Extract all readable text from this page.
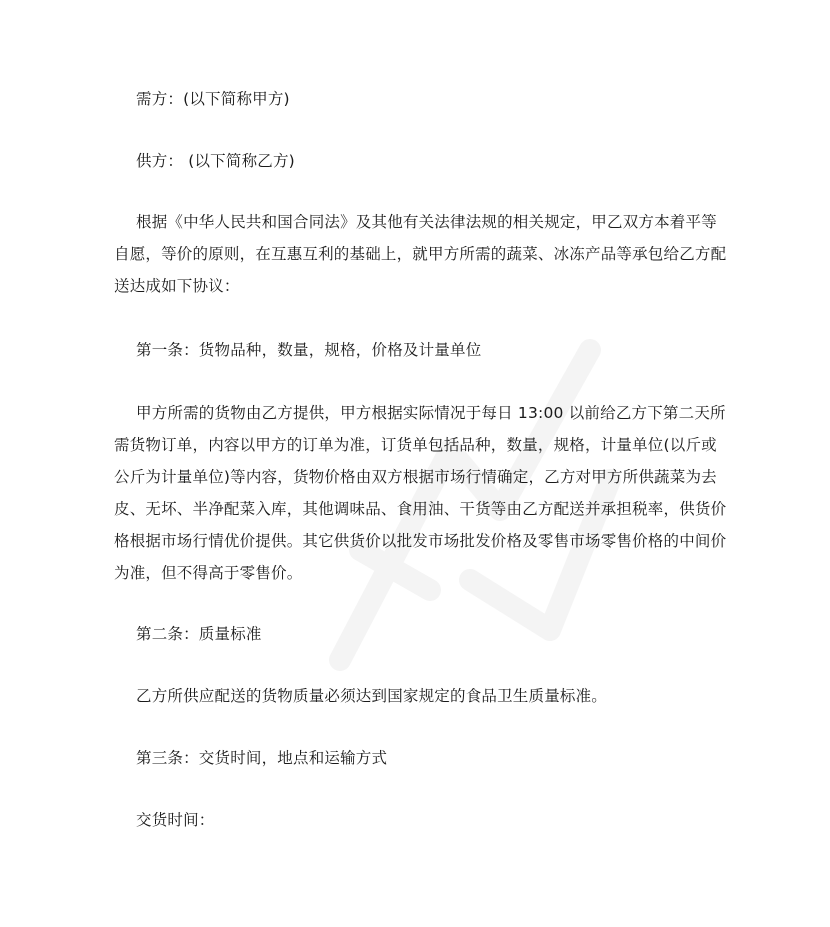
需方：(以下简称甲方)
供方： (以下简称乙方)
根据《中华人民共和国合同法》及其他有关法律法规的相关规定，甲乙双方本着平等
自愿，等价的原则，在互惠互利的基础上，就甲方所需的蔬菜、冰冻产品等承包给乙方配
送达成如下协议：
第一条：货物品种，数量，规格，价格及计量单位
甲方所需的货物由乙方提供，甲方根据实际情况于每日 13:00 以前给乙方下第二天所
需货物订单，内容以甲方的订单为准，订货单包括品种，数量，规格，计量单位(以斤或
公斤为计量单位)等内容，货物价格由双方根据市场行情确定，乙方对甲方所供蔬菜为去
皮、无坏、半净配菜入库，其他调味品、食用油、干货等由乙方配送并承担税率，供货价
格根据市场行情优价提供。其它供货价以批发市场批发价格及零售市场零售价格的中间价
为准，但不得高于零售价。
第二条：质量标准
乙方所供应配送的货物质量必须达到国家规定的食品卫生质量标准。
第三条：交货时间，地点和运输方式
交货时间：
